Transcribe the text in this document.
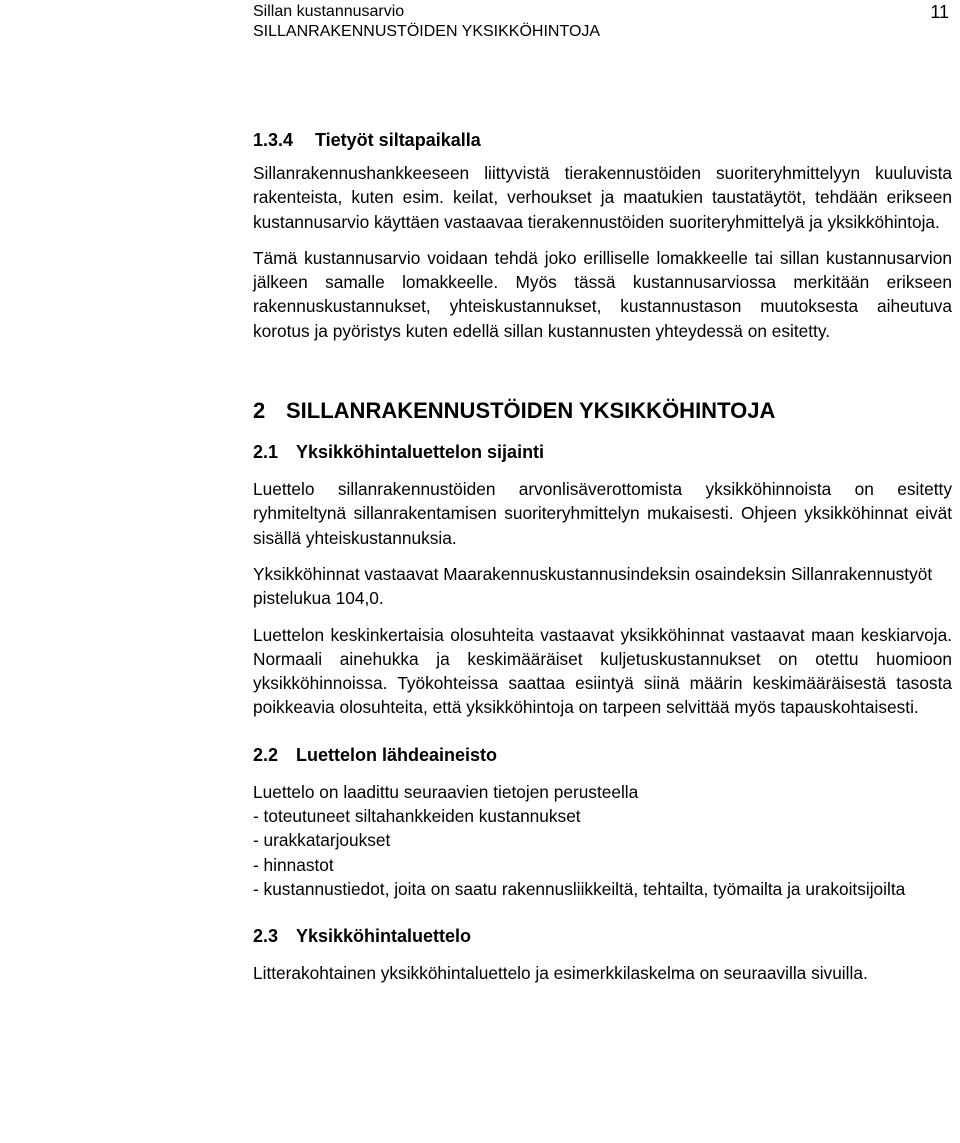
Sillan kustannusarvio
SILLANRAKENNUSTÖIDEN YKSIKKÖHINTOJA
11
1.3.4 Tietyöt siltapaikalla

Sillanrakennushankkeeseen liittyvistä tierakennustöiden suoriteryhmittelyyn kuuluvista rakenteista, kuten esim. keilat, verhoukset ja maatukien taustatäytöt, tehdään erikseen kustannusarvio käyttäen vastaavaa tierakennustöiden suoriteryhmittelyä ja yksikköhintoja.

Tämä kustannusarvio voidaan tehdä joko erilliselle lomakkeelle tai sillan kustannusarvion jälkeen samalle lomakkeelle. Myös tässä kustannusarviossa merkitään erikseen rakennuskustannukset, yhteiskustannukset, kustannustason muutoksesta aiheutuva korotus ja pyöristys kuten edellä sillan kustannusten yhteydessä on esitetty.

2 SILLANRAKENNUSTÖIDEN YKSIKKÖHINTOJA
2.1 Yksikköhintaluettelon sijainti

Luettelo sillanrakennustöiden arvonlisäverottomista yksikköhinnoista on esitetty ryhmiteltynä sillanrakentamisen suoriteryhmittelyn mukaisesti. Ohjeen yksikköhinnat eivät sisällä yhteiskustannuksia.

Yksikköhinnat vastaavat Maarakennuskustannusindeksin osaindeksin Sillanrakennustyöt pistelukua 104,0.

Luettelon keskinkertaisia olosuhteita vastaavat yksikköhinnat vastaavat maan keskiarvoja. Normaali ainehukka ja keskimääräiset kuljetuskustannukset on otettu huomioon yksikköhinnoissa. Työkohteissa saattaa esiintyä siinä määrin keskimääräisestä tasosta poikkeavia olosuhteita, että yksikköhintoja on tarpeen selvittää myös tapauskohtaisesti.

2.2 Luettelon lähdeaineisto
Luettelo on laadittu seuraavien tietojen perusteella
- toteutuneet siltahankkeiden kustannukset
- urakkatarjoukset
- hinnastot
- kustannustiedot, joita on saatu rakennusliikkeiltä, tehtailta, työmailta ja urakoitsijoilta
2.3 Yksikköhintaluettelo

Litterakohtainen yksikköhintaluettelo ja esimerkkilaskelma on seuraavilla sivuilla.
